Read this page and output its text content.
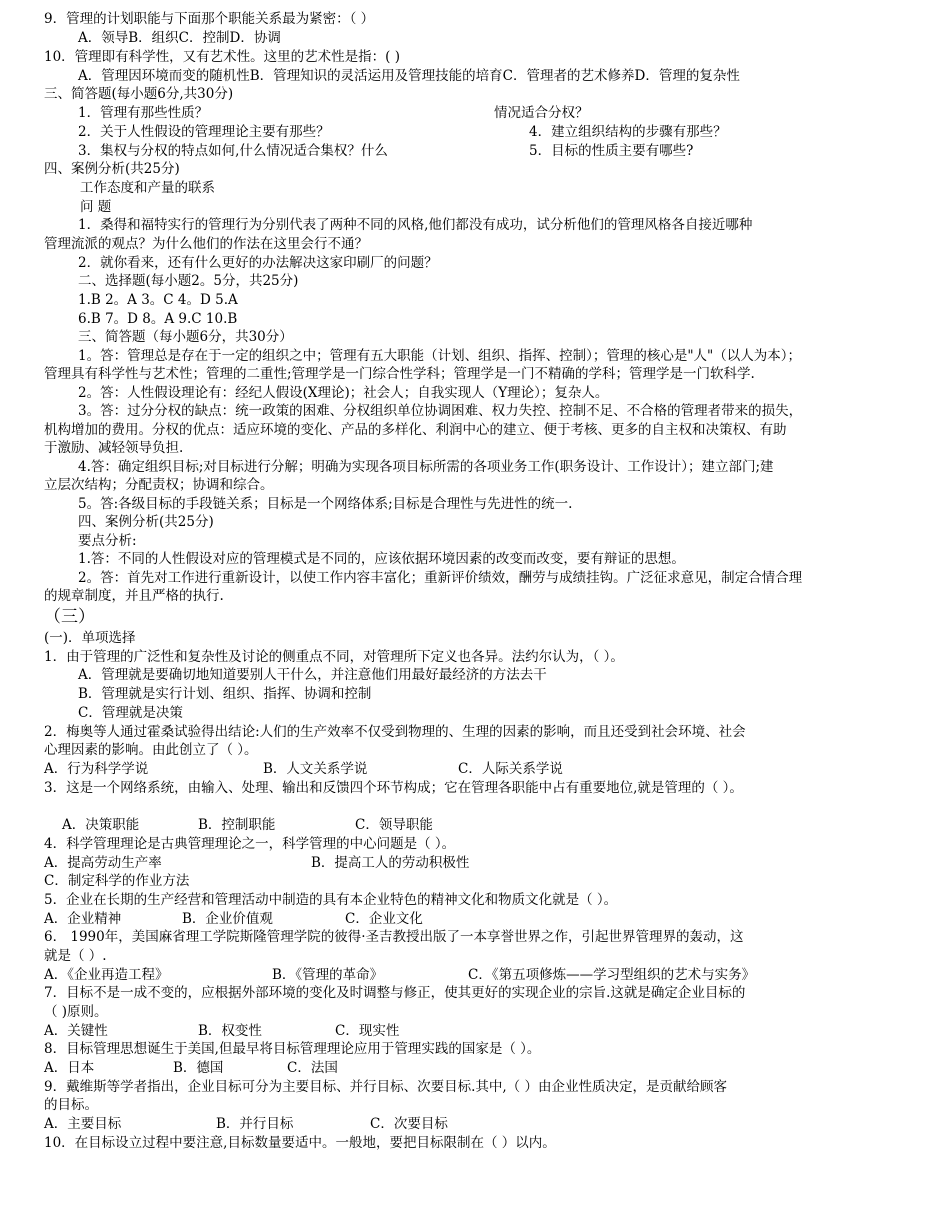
9．管理的计划职能与下面那个职能关系最为紧密：（ ）
A．领导B．组织C．控制D．协调
10．管理即有科学性，又有艺术性。这里的艺术性是指：( )
A．管理因环境而变的随机性B．管理知识的灵活运用及管理技能的培育C．管理者的艺术修养D．管理的复杂性
三、简答题(每小题6分,共30分)
1．管理有那些性质？	情况适合分权？
2．关于人性假设的管理理论主要有那些？	4．建立组织结构的步骤有那些？
3．集权与分权的特点如何,什么情况适合集权？什么	5．目标的性质主要有哪些?
四、案例分析(共25分)
工作态度和产量的联系
问 题
1．桑得和福特实行的管理行为分别代表了两种不同的风格,他们都没有成功，试分析他们的管理风格各自接近哪种
管理流派的观点？为什么他们的作法在这里会行不通？
2．就你看来，还有什么更好的办法解决这家印刷厂的问题？
二、选择题(每小题2。5分，共25分)
1.B 2。A 3。C 4。D 5.A
6.B 7。D 8。A 9.C 10.B
三、简答题（每小题6分，共30分）
1。答：管理总是存在于一定的组织之中；管理有五大职能（计划、组织、指挥、控制）；管理的核心是"人"（以人为本）；
管理具有科学性与艺术性；管理的二重性;管理学是一门综合性学科；管理学是一门不精确的学科；管理学是一门软科学.
2。答：人性假设理论有：经纪人假设(X理论)；社会人；自我实现人（Y理论）；复杂人。
3。答：过分分权的缺点：统一政策的困难、分权组织单位协调困难、权力失控、控制不足、不合格的管理者带来的损失，
机构增加的费用。分权的优点：适应环境的变化、产品的多样化、利润中心的建立、便于考核、更多的自主权和决策权、有助
于激励、减轻领导负担.
4.答：确定组织目标;对目标进行分解；明确为实现各项目标所需的各项业务工作(职务设计、工作设计）；建立部门;建
立层次结构；分配责权；协调和综合。
5。答:各级目标的手段链关系；目标是一个网络体系;目标是合理性与先进性的统一.
四、案例分析(共25分)
要点分析:
1.答：不同的人性假设对应的管理模式是不同的，应该依据环境因素的改变而改变，要有辩证的思想。
2。答：首先对工作进行重新设计，以使工作内容丰富化；重新评价绩效，酬劳与成绩挂钩。广泛征求意见，制定合情合理
的规章制度，并且严格的执行.
（三）
(一)．单项选择
1．由于管理的广泛性和复杂性及讨论的侧重点不同，对管理所下定义也各异。法约尔认为，（ ）。
A．管理就是要确切地知道要别人干什么，并注意他们用最好最经济的方法去干
B．管理就是实行计划、组织、指挥、协调和控制
C．管理就是决策
2．梅奥等人通过霍桑试验得出结论:人们的生产效率不仅受到物理的、生理的因素的影响，而且还受到社会环境、社会
心理因素的影响。由此创立了（ ）。
A．行为科学学说	B．人文关系学说	C．人际关系学说
3．这是一个网络系统，由输入、处理、输出和反馈四个环节构成；它在管理各职能中占有重要地位,就是管理的（ ）。
A．决策职能	B．控制职能	C．领导职能
4．科学管理理论是古典管理理论之一，科学管理的中心问题是（ ）。
A．提高劳动生产率	B．提高工人的劳动积极性
C．制定科学的作业方法
5．企业在长期的生产经营和管理活动中制造的具有本企业特色的精神文化和物质文化就是（ ）。
A．企业精神	B．企业价值观	C．企业文化
6． 1990年，美国麻省理工学院斯隆管理学院的彼得·圣吉教授出版了一本享誉世界之作，引起世界管理界的轰动，这
就是（ ）.
A．《企业再造工程》	B．《管理的革命》	C．《第五项修炼——学习型组织的艺术与实务》
7．目标不是一成不变的，应根据外部环境的变化及时调整与修正，使其更好的实现企业的宗旨.这就是确定企业目标的
（ )原则。
A．关键性	B．权变性	C．现实性
8．目标管理思想诞生于美国,但最早将目标管理理论应用于管理实践的国家是（ ）。
A．日本	B．德国	C．法国
9．戴维斯等学者指出，企业目标可分为主要目标、并行目标、次要目标.其中,（ ）由企业性质决定，是贡献给顾客
的目标。
A．主要目标	B．并行目标	C．次要目标
10．在目标设立过程中要注意,目标数量要适中。一般地，要把目标限制在（ ）以内。
